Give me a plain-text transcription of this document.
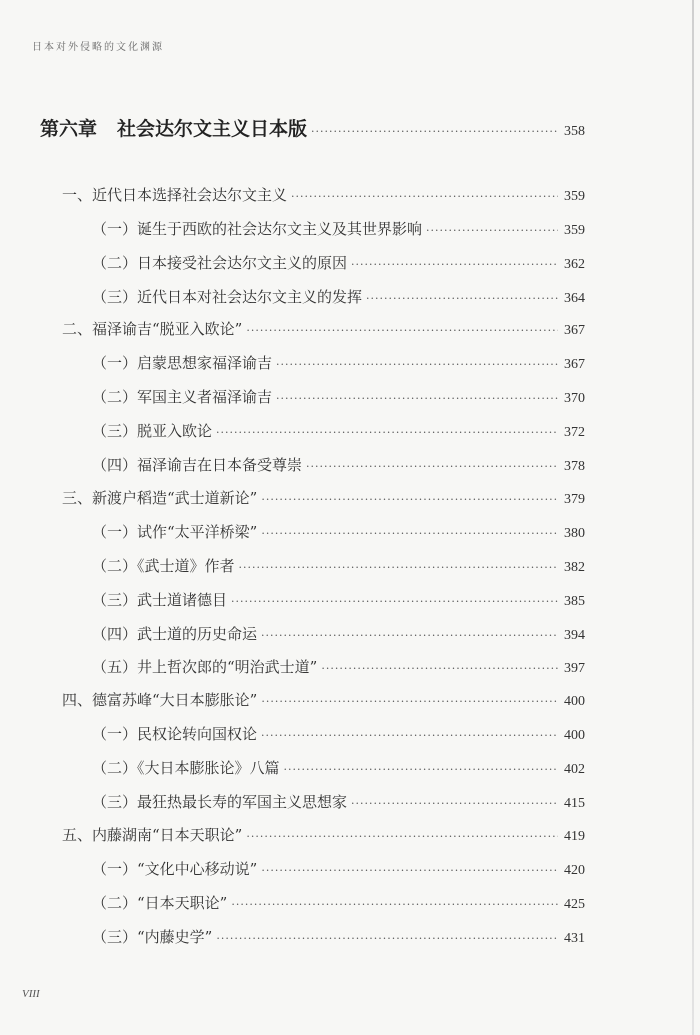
日本对外侵略的文化渊源
第六章 社会达尔文主义日本版 ·····	358
一、近代日本选择社会达尔文主义 ·····	359
（一）诞生于西欧的社会达尔文主义及其世界影响 ·····	359
（二）日本接受社会达尔文主义的原因 ·····	362
（三）近代日本对社会达尔文主义的发挥 ·····	364
二、福泽谕吉“脱亚入欧论” ·····	367
（一）启蒙思想家福泽谕吉 ·····	367
（二）军国主义者福泽谕吉 ·····	370
（三）脱亚入欧论 ·····	372
（四）福泽谕吉在日本备受尊崇 ·····	378
三、新渡户稻造“武士道新论” ·····	379
（一）试作“太平洋桥梁” ·····	380
（二）《武士道》作者 ·····	382
（三）武士道诸德目 ·····	385
（四）武士道的历史命运 ·····	394
（五）井上哲次郎的“明治武士道” ·····	397
四、德富苏峰“大日本膨胀论” ·····	400
（一）民权论转向国权论 ·····	400
（二）《大日本膨胀论》八篇 ·····	402
（三）最狂热最长寿的军国主义思想家 ·····	415
五、内藤湖南“日本天职论” ·····	419
（一）“文化中心移动说” ·····	420
（二）“日本天职论” ·····	425
（三）“内藤史学” ·····	431
VIII
